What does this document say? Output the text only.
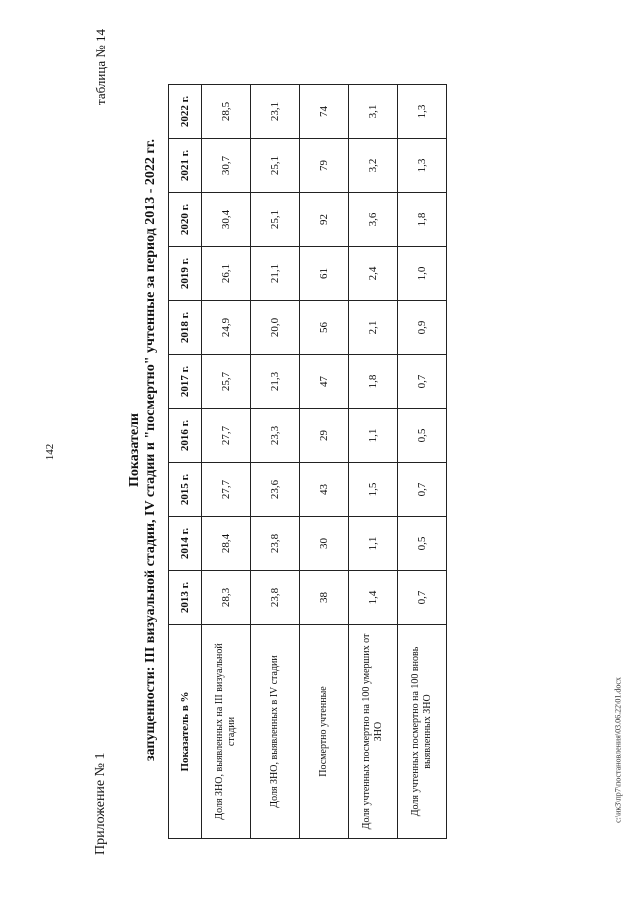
142
Приложение № 1
таблица № 14
Показатели запущенности: III визуальной стадии, IV стадии и "посмертно" учтенные за период 2013 - 2022 гг. Показатель в %	2013 г.	2014 г.	2015 г.	2016 г.	2017 г.	2018 г.	2019 г.	2020 г.	2021 г.	2022 г.
Доля ЗНО, выявленных на III визуальной стадии	28,3	28,4	27,7	27,7	25,7	24,9	26,1	30,4	30,7	28,5
Доля ЗНО, выявленных в IV стадии	23,8	23,8	23,6	23,3	21,3	20,0	21,1	25,1	25,1	23,1
Посмертно учтенные	38	30	43	29	47	56	61	92	79	74
Доля учтенных посмертно на 100 умерших от ЗНО	1,4	1,1	1,5	1,1	1,8	2,1	2,4	3,6	3,2	3,1
Доля учтенных посмертно на 100 вновь выявленных ЗНО	0,7	0,5	0,7	0,5	0,7	0,9	1,0	1,8	1,3	1,3
c:\ик3\пр7\постановления\03.06.22\01.docx
